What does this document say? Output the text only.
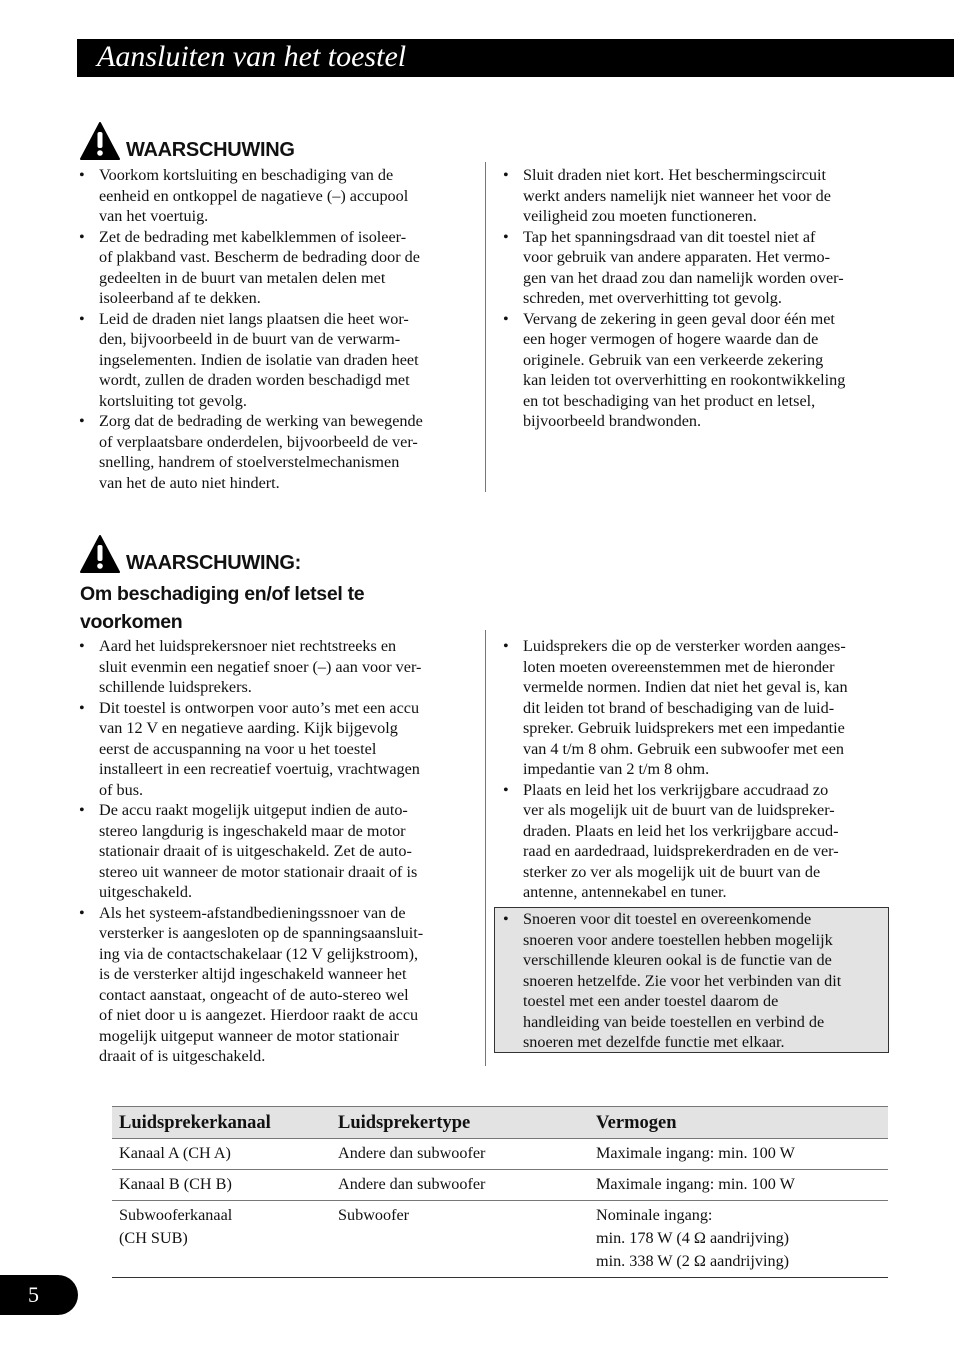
Aansluiten van het toestel
WAARSCHUWING
• Voorkom kortsluiting en beschadiging van de
eenheid en ontkoppel de nagatieve (–) accupool
van het voertuig.
• Zet de bedrading met kabelklemmen of isoleer-
of plakband vast. Bescherm de bedrading door de
gedeelten in de buurt van metalen delen met
isoleerband af te dekken.
• Leid de draden niet langs plaatsen die heet wor-
den, bijvoorbeeld in de buurt van de verwarm-
ingselementen. Indien de isolatie van draden heet
wordt, zullen de draden worden beschadigd met
kortsluiting tot gevolg.
• Zorg dat de bedrading de werking van bewegende
of verplaatsbare onderdelen, bijvoorbeeld de ver-
snelling, handrem of stoelverstelmechanismen
van het de auto niet hindert.
• Sluit draden niet kort. Het beschermingscircuit
werkt anders namelijk niet wanneer het voor de
veiligheid zou moeten functioneren.
• Tap het spanningsdraad van dit toestel niet af
voor gebruik van andere apparaten. Het vermo-
gen van het draad zou dan namelijk worden over-
schreden, met oververhitting tot gevolg.
• Vervang de zekering in geen geval door één met
een hoger vermogen of hogere waarde dan de
originele. Gebruik van een verkeerde zekering
kan leiden tot oververhitting en rookontwikkeling
en tot beschadiging van het product en letsel,
bijvoorbeeld brandwonden.
WAARSCHUWING:
Om beschadiging en/of letsel te voorkomen
• Aard het luidsprekersnoer niet rechtstreeks en
sluit evenmin een negatief snoer (–) aan voor ver-
schillende luidsprekers.
• Dit toestel is ontworpen voor auto’s met een accu
van 12 V en negatieve aarding. Kijk bijgevolg
eerst de accuspanning na voor u het toestel
installeert in een recreatief voertuig, vrachtwagen
of bus.
• De accu raakt mogelijk uitgeput indien de auto-
stereo langdurig is ingeschakeld maar de motor
stationair draait of is uitgeschakeld. Zet de auto-
stereo uit wanneer de motor stationair draait of is
uitgeschakeld.
• Als het systeem-afstandbedieningssnoer van de
versterker is aangesloten op de spanningsaansluit-
ing via de contactschakelaar (12 V gelijkstroom),
is de versterker altijd ingeschakeld wanneer het
contact aanstaat, ongeacht of de auto-stereo wel
of niet door u is aangezet. Hierdoor raakt de accu
mogelijk uitgeput wanneer de motor stationair
draait of is uitgeschakeld.
• Luidsprekers die op de versterker worden aanges-
loten moeten overeenstemmen met de hieronder
vermelde normen. Indien dat niet het geval is, kan
dit leiden tot brand of beschadiging van de luid-
spreker. Gebruik luidsprekers met een impedantie
van 4 t/m 8 ohm. Gebruik een subwoofer met een
impedantie van 2 t/m 8 ohm.
• Plaats en leid het los verkrijgbare accudraad zo
ver als mogelijk uit de buurt van de luidspreker-
draden. Plaats en leid het los verkrijgbare accud-
raad en aardedraad, luidsprekerdraden en de ver-
sterker zo ver als mogelijk uit de buurt van de
antenne, antennekabel en tuner.
• Snoeren voor dit toestel en overeenkomende
snoeren voor andere toestellen hebben mogelijk
verschillende kleuren ookal is de functie van de
snoeren hetzelfde. Zie voor het verbinden van dit
toestel met een ander toestel daarom de
handleiding van beide toestellen en verbind de
snoeren met dezelfde functie met elkaar.
Luidsprekerkanaal	Luidsprekertype	Vermogen

Kanaal A (CH A)	Andere dan subwoofer	Maximale ingang: min. 100 W

Kanaal B (CH B)	Andere dan subwoofer	Maximale ingang: min. 100 W

Subwooferkanaal
(CH SUB)	Subwoofer	Nominale ingang:
min. 178 W (4 Ω aandrijving)
min. 338 W (2 Ω aandrijving)
5
